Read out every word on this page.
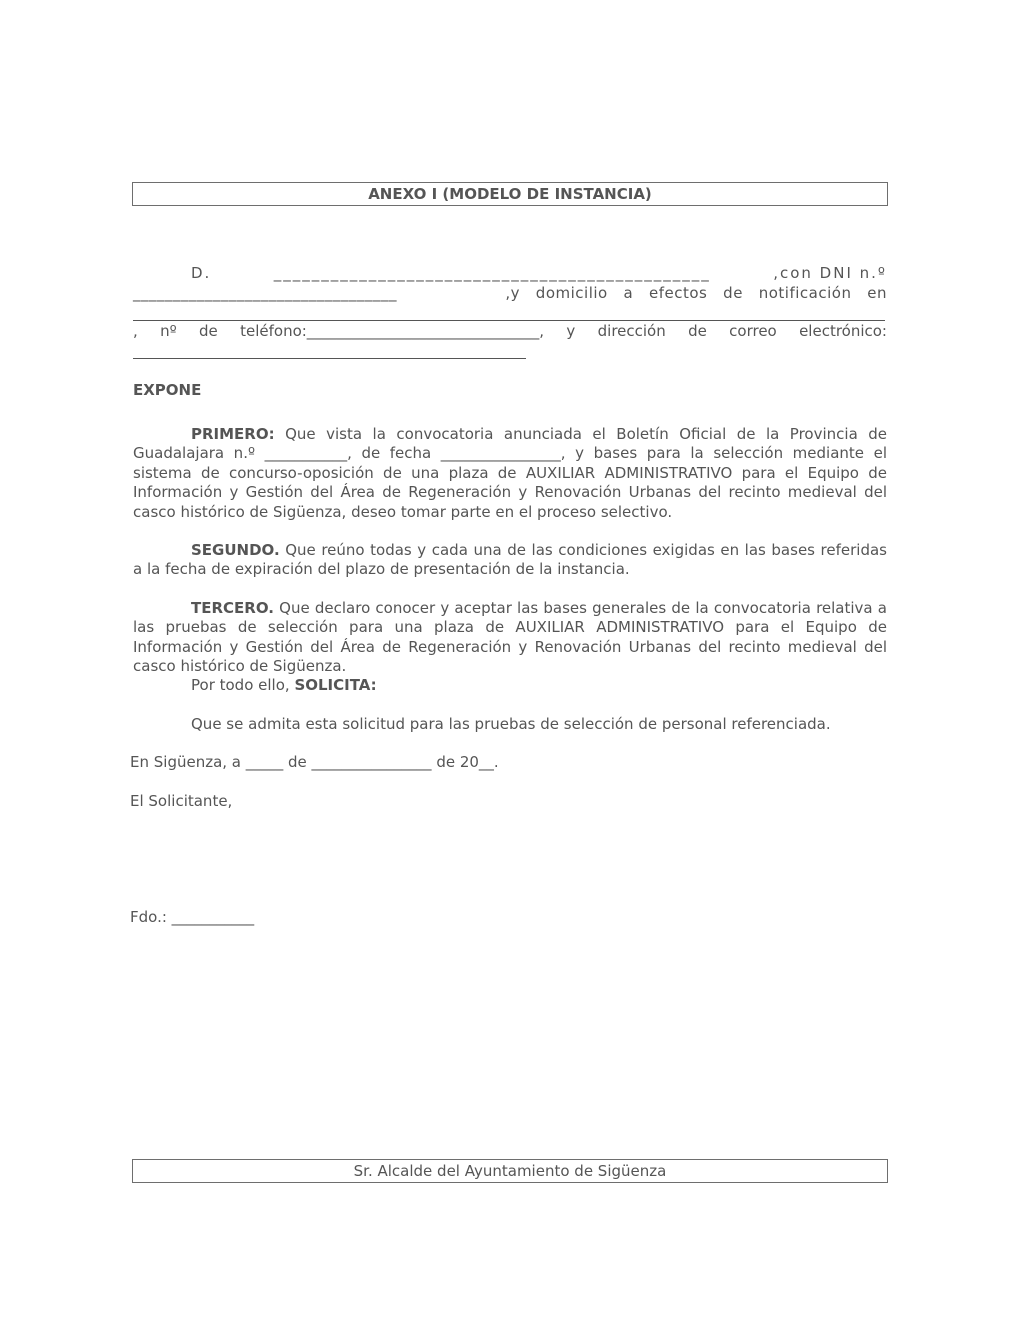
ANEXO I (MODELO DE INSTANCIA)
D.	______________________________________________	,con DNI n.º
_________________________________	,y   domicilio   a   efectos   de   notificación   en

, nº de teléfono:_______________________________, y dirección de correo electrónico:

EXPONE

PRIMERO: Que vista la convocatoria anunciada el Boletín Oficial de la Provincia de Guadalajara n.º ___________, de fecha ________________, y bases para la selección mediante el sistema de concurso-oposición de una plaza de AUXILIAR ADMINISTRATIVO para el Equipo de Información y Gestión del Área de Regeneración y Renovación Urbanas del recinto medieval del casco histórico de Sigüenza, deseo tomar parte en el proceso selectivo.

SEGUNDO. Que reúno todas y cada una de las condiciones exigidas en las bases referidas a la fecha de expiración del plazo de presentación de la instancia.

TERCERO. Que declaro conocer y aceptar las bases generales de la convocatoria relativa a las pruebas de selección para una plaza de AUXILIAR ADMINISTRATIVO para el Equipo de Información y Gestión del Área de Regeneración y Renovación Urbanas del recinto medieval del casco histórico de Sigüenza.

Por todo ello, SOLICITA:

Que se admita esta solicitud para las pruebas de selección de personal referenciada.

En Sigüenza, a _____ de ________________ de 20__.

El Solicitante,

Fdo.: ___________

Sr. Alcalde del Ayuntamiento de Sigüenza
